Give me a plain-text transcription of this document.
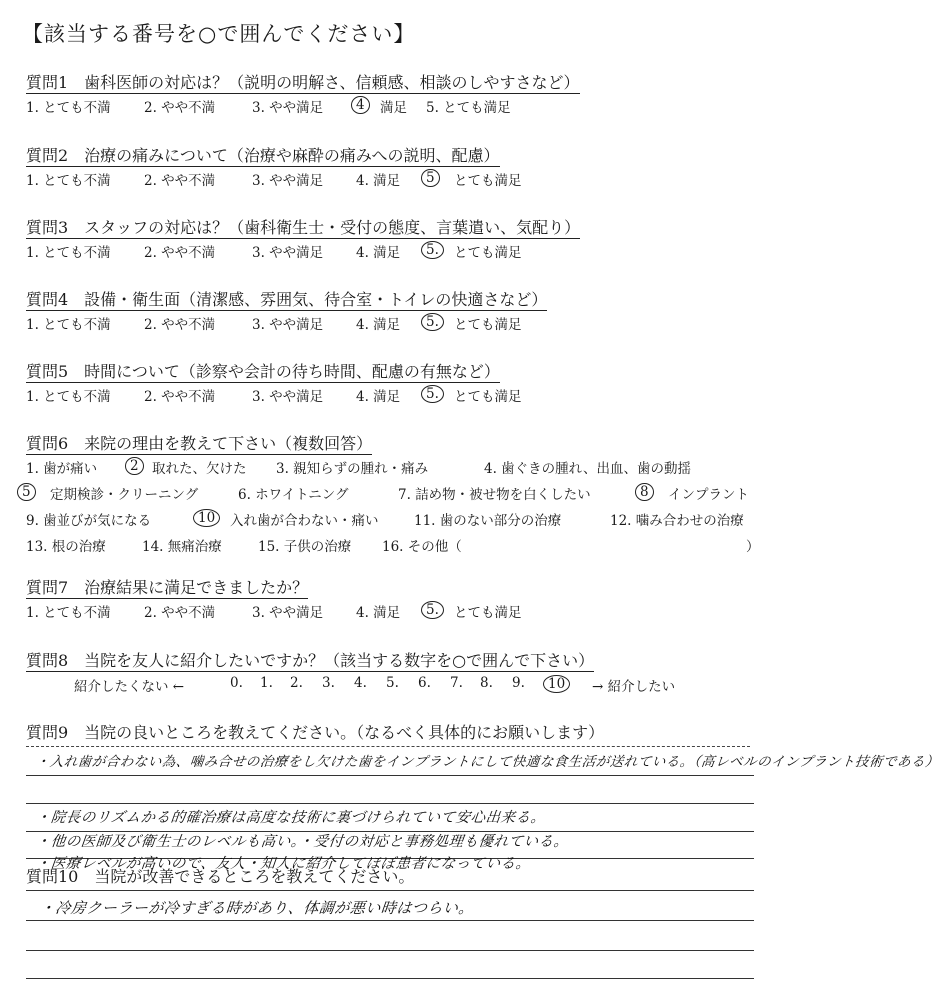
【該当する番号を○で囲んでください】
質問1　歯科医師の対応は？（説明の明解さ、信頼感、相談のしやすさなど）
1. とても不満 2. やや不満	3. やや満足 4	満足 5. とても満足
質問2　治療の痛みについて（治療や麻酔の痛みへの説明、配慮）
1. とても不満 2. やや不満	3. やや満足 4. 満足 5	とても満足
質問3　スタッフの対応は？（歯科衛生士・受付の態度、言葉遣い、気配り）
1. とても不満 2. やや不満	3. やや満足 4. 満足 5.	とても満足
質問4　設備・衛生面（清潔感、雰囲気、待合室・トイレの快適さなど）
1. とても不満 2. やや不満	3. やや満足 4. 満足 5.	とても満足
質問5　時間について（診察や会計の待ち時間、配慮の有無など）
1. とても不満 2. やや不満	3. やや満足 4. 満足 5.	とても満足
質問6　来院の理由を教えて下さい（複数回答）
1. 歯が痛い 2 取れた、欠けた 3. 親知らずの腫れ・痛み	4. 歯ぐきの腫れ、出血、歯の動揺
5	定期検診・クリーニング	6. ホワイトニング	7. 詰め物・被せ物を白くしたい	8	インプラント
9. 歯並びが気になる	10	入れ歯が合わない・痛い	11. 歯のない部分の治療	12. 噛み合わせの治療
13. 根の治療	14. 無痛治療	15. 子供の治療 16. その他（	）
質問7　治療結果に満足できましたか？
1. とても不満 2. やや不満	3. やや満足 4. 満足 5.	とても満足
質問8　当院を友人に紹介したいですか？（該当する数字を○で囲んで下さい）
紹介したくない ←	0. 1. 2. 3. 4. 5. 6. 7. 8. 9. 10	→ 紹介したい
質問9　当院の良いところを教えてください。（なるべく具体的にお願いします）
・入れ歯が合わない為、噛み合せの治療をし欠けた歯をインプラントにして快適な食生活が送れている。（高レベルのインプラント技術である）
・院長のリズムかる的確治療は高度な技術に裏づけられていて安心出来る。
・他の医師及び衛生士のレベルも高い。・受付の対応と事務処理も優れている。
・医療レベルが高いので、友人・知人に紹介してほぼ患者になっている。
質問10　当院が改善できるところを教えてください。
・冷房クーラーが冷すぎる時があり、体調が悪い時はつらい。
